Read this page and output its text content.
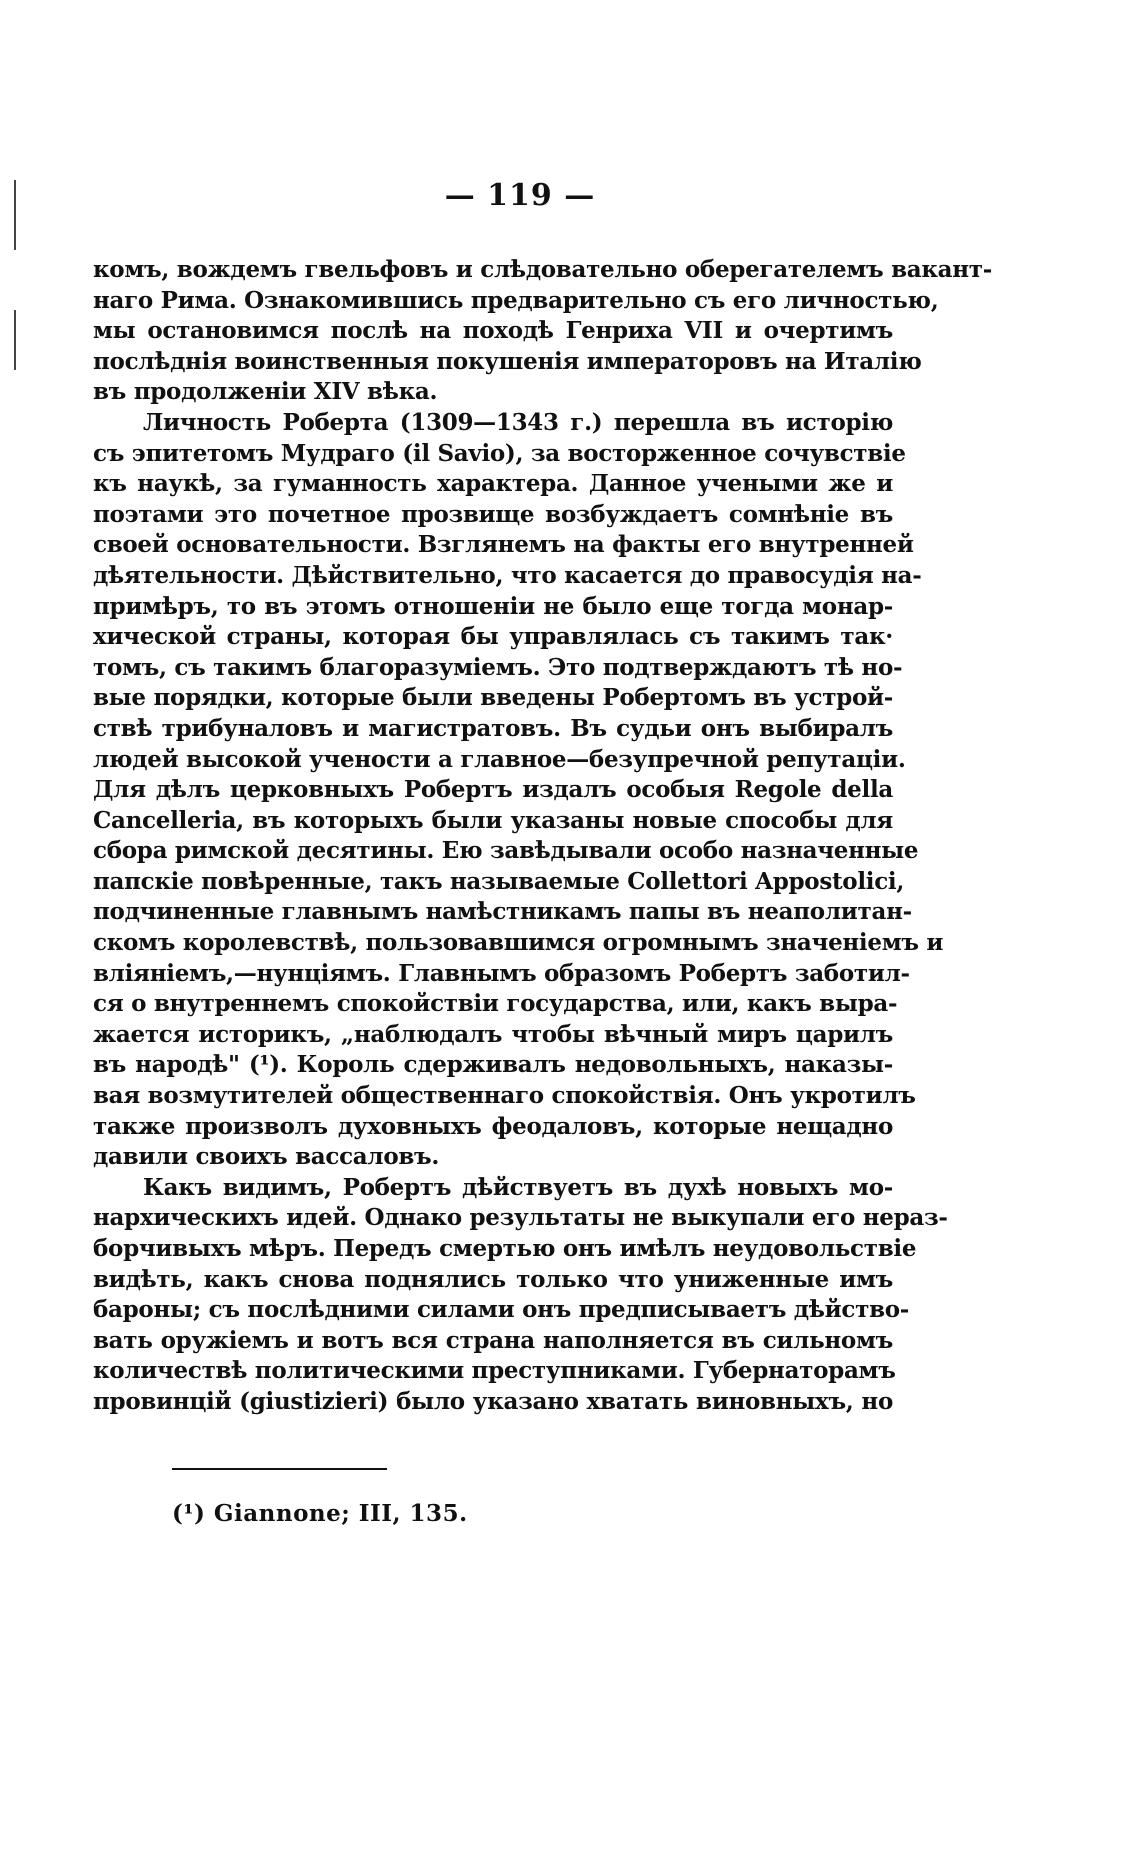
— 119 —
комъ, вождемъ гвельфовъ и слѣдовательно оберегателемъ вакант-
наго Рима. Ознакомившись предварительно съ его личностью,
мы остановимся послѣ на походѣ Генриха VII и очертимъ
послѣднія воинственныя покушенія императоровъ на Италію
въ продолженіи XIV вѣка.
Личность Роберта (1309—1343 г.) перешла въ исторію
съ эпитетомъ Мудраго (il Savio), за восторженное сочувствіе
къ наукѣ, за гуманность характера. Данное учеными же и
поэтами это почетное прозвище возбуждаетъ сомнѣніе въ
своей основательности. Взглянемъ на факты его внутренней
дѣятельности. Дѣйствительно, что касается до правосудія на-
примѣръ, то въ этомъ отношеніи не было еще тогда монар-
хической страны, которая бы управлялась съ такимъ так·
томъ, съ такимъ благоразуміемъ. Это подтверждаютъ тѣ но-
вые порядки, которые были введены Робертомъ въ устрой-
ствѣ трибуналовъ и магистратовъ. Въ судьи онъ выбиралъ
людей высокой учености а главное—безупречной репутаціи.
Для дѣлъ церковныхъ Робертъ издалъ особыя Regole della
Cancelleria, въ которыхъ были указаны новые способы для
сбора римской десятины. Ею завѣдывали особо назначенные
папскіе повѣренные, такъ называемые Collettori Appostolici,
подчиненные главнымъ намѣстникамъ папы въ неаполитан-
скомъ королевствѣ, пользовавшимся огромнымъ значеніемъ и
вліяніемъ,—нунціямъ. Главнымъ образомъ Робертъ заботил-
ся о внутреннемъ спокойствіи государства, или, какъ выра-
жается историкъ, „наблюдалъ чтобы вѣчный миръ царилъ
въ народѣ" (¹). Король сдерживалъ недовольныхъ, наказы-
вая возмутителей общественнаго спокойствія. Онъ укротилъ
также произволъ духовныхъ феодаловъ, которые нещадно
давили своихъ вассаловъ.
Какъ видимъ, Робертъ дѣйствуетъ въ духѣ новыхъ мо-
нархическихъ идей. Однако результаты не выкупали его нераз-
борчивыхъ мѣръ. Передъ смертью онъ имѣлъ неудовольствіе
видѣть, какъ снова поднялись только что униженные имъ
бароны; съ послѣдними силами онъ предписываетъ дѣйство-
вать оружіемъ и вотъ вся страна наполняется въ сильномъ
количествѣ политическими преступниками. Губернаторамъ
провинцій (giustizieri) было указано хватать виновныхъ, но
(¹) Giannone; III, 135.
